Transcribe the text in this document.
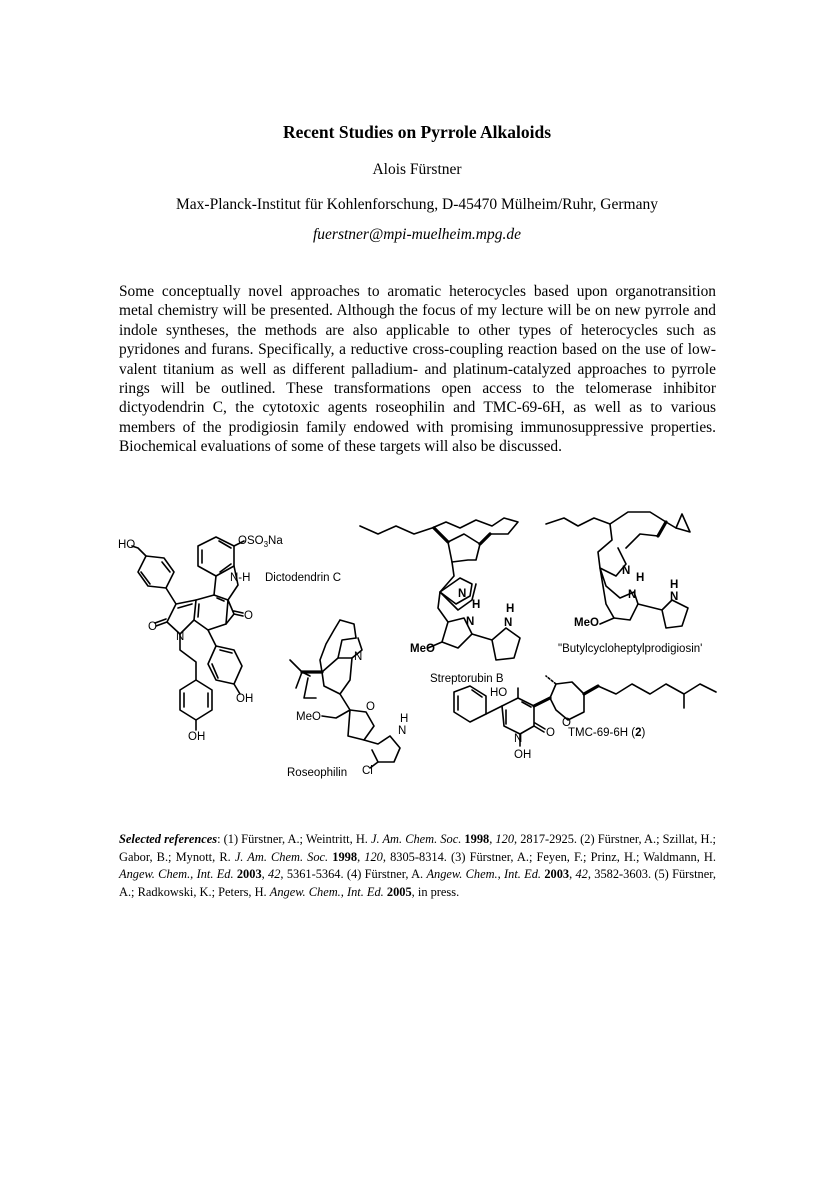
Recent Studies on Pyrrole Alkaloids
Alois Fürstner
Max-Planck-Institut für Kohlenforschung, D-45470 Mülheim/Ruhr, Germany
fuerstner@mpi-muelheim.mpg.de

Some conceptually novel approaches to aromatic heterocycles based upon organotransition metal chemistry will be presented. Although the focus of my lecture will be on new pyrrole and indole syntheses, the methods are also applicable to other types of heterocycles such as pyridones and furans. Specifically, a reductive cross-coupling reaction based on the use of low-valent titanium as well as different palladium- and platinum-catalyzed approaches to pyrrole rings will be outlined. These transformations open access to the telomerase inhibitor dictyodendrin C, the cytotoxic agents roseophilin and TMC-69-6H, as well as to various members of the prodigiosin family endowed with promising immunosuppressive properties. Biochemical evaluations of some of these targets will also be discussed.

HO	$OSO_3Na$
N-H
O
O
N
OH
OH
Dictodendrin C
N
H
N
H
N
MeO
Streptorubin B
N
H
N
H
N
MeO
"Butylcycloheptylprodigiosin'
N
MeO
O
H
N
Cl
Roseophilin
HO
O
N O
OH
TMC-69-6H (2)

Selected references: (1) Fürstner, A.; Weintritt, H. J. Am. Chem. Soc. 1998, 120, 2817-2925. (2) Fürstner, A.; Szillat, H.; Gabor, B.; Mynott, R. J. Am. Chem. Soc. 1998, 120, 8305-8314. (3) Fürstner, A.; Feyen, F.; Prinz, H.; Waldmann, H. Angew. Chem., Int. Ed. 2003, 42, 5361-5364. (4) Fürstner, A. Angew. Chem., Int. Ed. 2003, 42, 3582-3603. (5) Fürstner, A.; Radkowski, K.; Peters, H. Angew. Chem., Int. Ed. 2005, in press.
